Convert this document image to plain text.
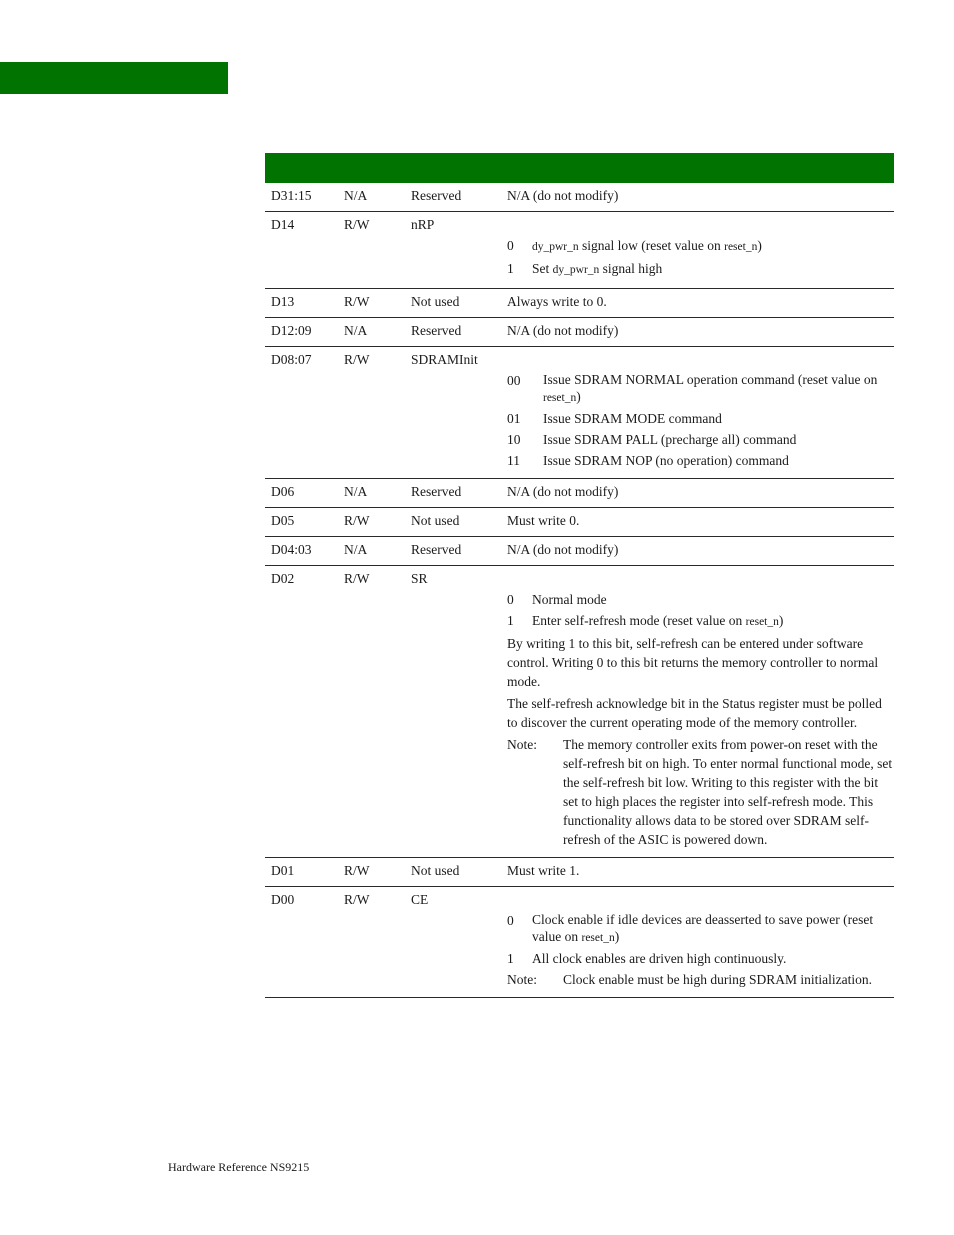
D31:15 N/A	Reserved	N/A (do not modify)
D14	R/W	nRP
0	dy_pwr_n signal low (reset value on reset_n)
1	Set dy_pwr_n signal high
D13	R/W	Not used	Always write to 0.
D12:09 N/A	Reserved	N/A (do not modify)
D08:07 R/W	SDRAMInit
00	Issue SDRAM NORMAL operation command (reset value on
reset_n)
01	Issue SDRAM MODE command
10	Issue SDRAM PALL (precharge all) command
11	Issue SDRAM NOP (no operation) command
D06	N/A	Reserved	N/A (do not modify)
D05	R/W	Not used	Must write 0.
D04:03 N/A	Reserved	N/A (do not modify)
D02	R/W	SR
0	Normal mode
1	Enter self-refresh mode (reset value on reset_n)
By writing 1 to this bit, self-refresh can be entered under software control. Writing 0 to this bit returns the memory controller to normal mode.
The self-refresh acknowledge bit in the Status register must be polled to discover the current operating mode of the memory controller.
Note:	The memory controller exits from power-on reset with the self-refresh bit on high. To enter normal functional mode, set the self-refresh bit low. Writing to this register with the bit set to high places the register into self-refresh mode. This functionality allows data to be stored over SDRAM self-refresh of the ASIC is powered down.
D01	R/W	Not used	Must write 1.
D00	R/W	CE
0	Clock enable if idle devices are deasserted to save power (reset value on reset_n)
1	All clock enables are driven high continuously.
Note:	Clock enable must be high during SDRAM initialization.
Hardware Reference NS9215
